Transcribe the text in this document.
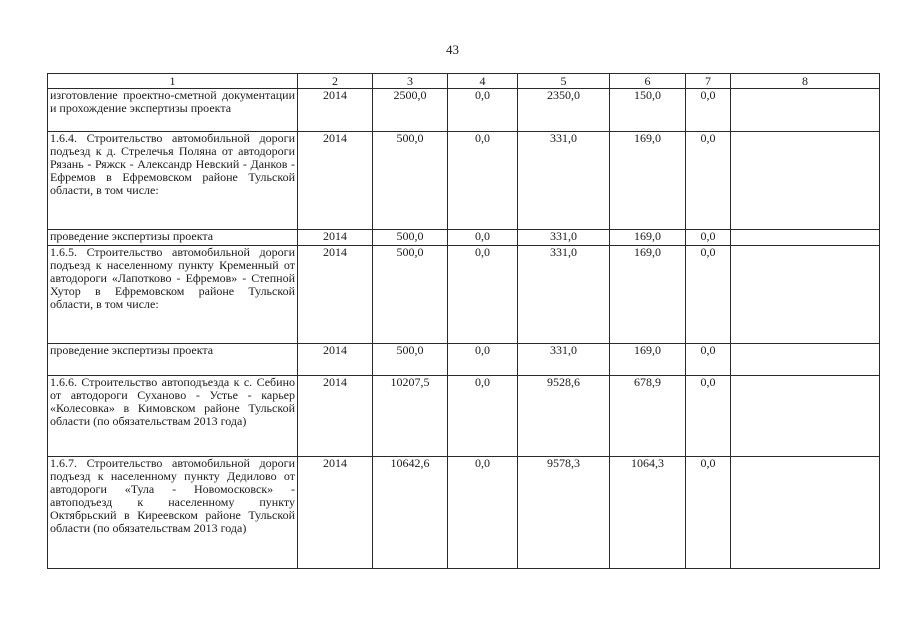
43
1	2	3	4	5	6	7	8
изготовление проектно-сметной документации и прохождение экспертизы проекта	2014	2500,0	0,0	2350,0	150,0	0,0	
1.6.4. Строительство автомобильной дороги подъезд к д. Стрелечья Поляна от автодороги Рязань - Ряжск - Александр Невский - Данков - Ефремов в Ефремовском районе Тульской области, в том числе:	2014	500,0	0,0	331,0	169,0	0,0	
проведение экспертизы проекта	2014	500,0	0,0	331,0	169,0	0,0	
1.6.5. Строительство автомобильной дороги подъезд к населенному пункту Кременный от автодороги «Лапотково - Ефремов» - Степной Хутор в Ефремовском районе Тульской области, в том числе:	2014	500,0	0,0	331,0	169,0	0,0	
проведение экспертизы проекта	2014	500,0	0,0	331,0	169,0	0,0	
1.6.6. Строительство автоподъезда к с. Себино от автодороги Сухановo - Устье - карьер «Колесовка» в Кимовском районе Тульской области (по обязательствам 2013 года)	2014	10207,5	0,0	9528,6	678,9	0,0	
1.6.7. Строительство автомобильной дороги подъезд к населенному пункту Дедилово от автодороги «Тула - Новомосковск» - автоподъезд к населенному пункту Октябрьский в Киреевском районе Тульской области (по обязательствам 2013 года)	2014	10642,6	0,0	9578,3	1064,3	0,0	
